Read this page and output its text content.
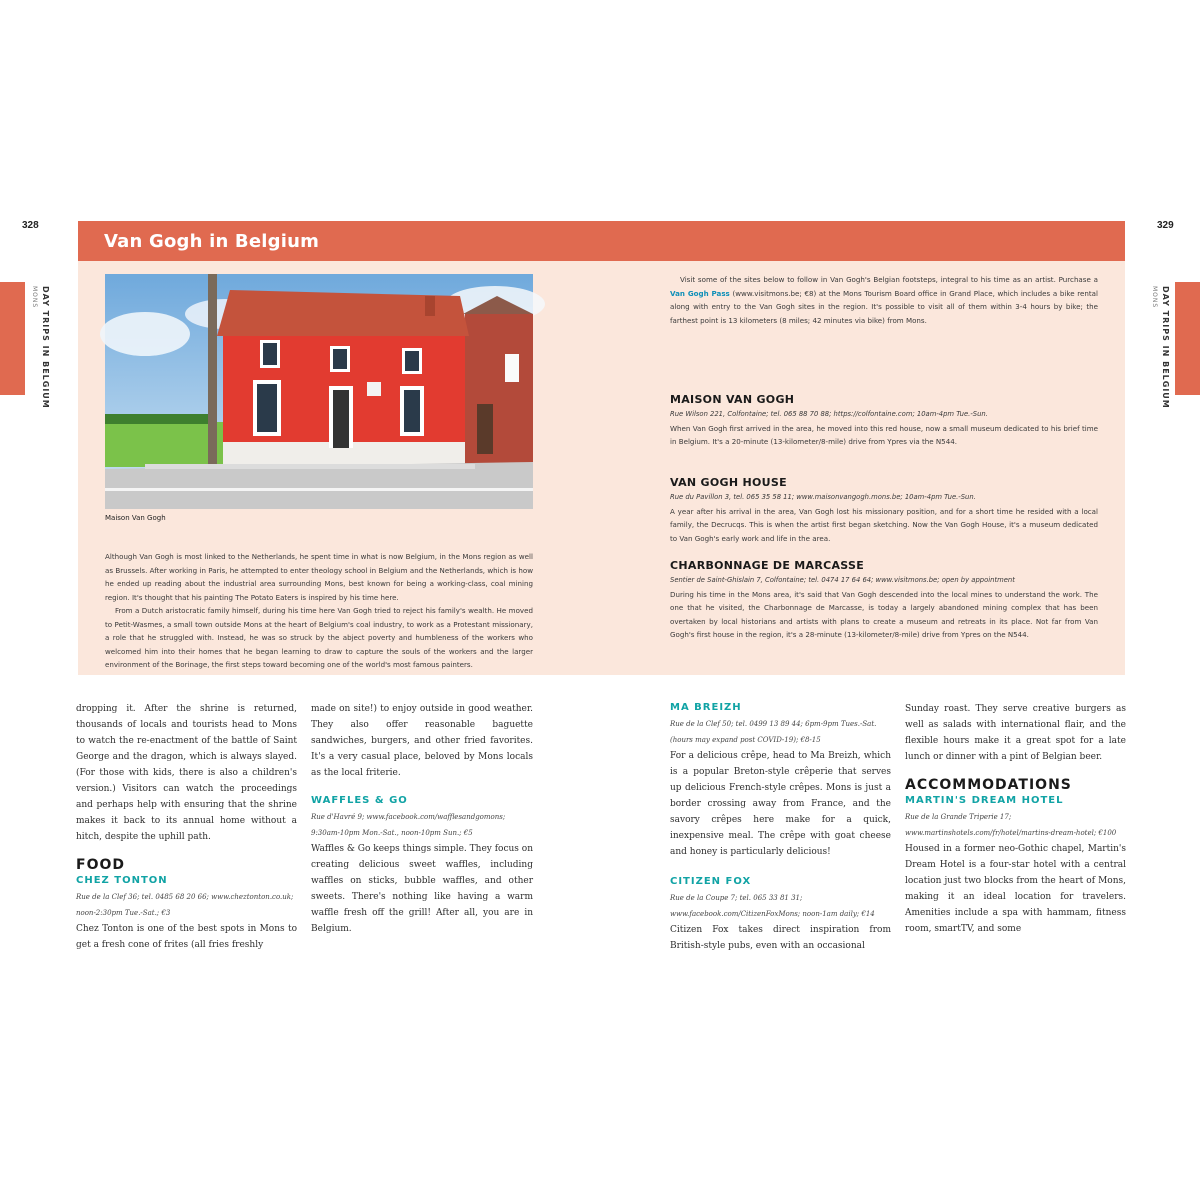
328	329
DAY TRIPS IN BELGIUM
MONS	DAY TRIPS IN BELGIUM
MONS
Van Gogh in Belgium
Maison Van Gogh

Although Van Gogh is most linked to the Netherlands, he spent time in what is now Belgium, in the Mons region as well as Brussels. After working in Paris, he attempted to enter theology school in Belgium and the Netherlands, which is how he ended up reading about the industrial area surrounding Mons, best known for being a working-class, coal mining region. It's thought that his painting The Potato Eaters is inspired by his time here.

From a Dutch aristocratic family himself, during his time here Van Gogh tried to reject his family's wealth. He moved to Petit-Wasmes, a small town outside Mons at the heart of Belgium's coal industry, to work as a Protestant missionary, a role that he struggled with. Instead, he was so struck by the abject poverty and humbleness of the workers who welcomed him into their homes that he began learning to draw to capture the souls of the workers and the larger environment of the Borinage, the first steps toward becoming one of the world's most famous painters.

Visit some of the sites below to follow in Van Gogh's Belgian footsteps, integral to his time as an artist. Purchase a Van Gogh Pass (www.visitmons.be; €8) at the Mons Tourism Board office in Grand Place, which includes a bike rental along with entry to the Van Gogh sites in the region. It's possible to visit all of them within 3-4 hours by bike; the farthest point is 13 kilometers (8 miles; 42 minutes via bike) from Mons.

MAISON VAN GOGH
Rue Wilson 221, Colfontaine; tel. 065 88 70 88; https://colfontaine.com; 10am-4pm Tue.-Sun.
When Van Gogh first arrived in the area, he moved into this red house, now a small museum dedicated to his brief time in Belgium. It's a 20-minute (13-kilometer/8-mile) drive from Ypres via the N544.
VAN GOGH HOUSE
Rue du Pavillon 3, tel. 065 35 58 11; www.maisonvangogh.mons.be; 10am-4pm Tue.-Sun.
A year after his arrival in the area, Van Gogh lost his missionary position, and for a short time he resided with a local family, the Decrucqs. This is when the artist first began sketching. Now the Van Gogh House, it's a museum dedicated to Van Gogh's early work and life in the area.
CHARBONNAGE DE MARCASSE
Sentier de Saint-Ghislain 7, Colfontaine; tel. 0474 17 64 64; www.visitmons.be; open by appointment
During his time in the Mons area, it's said that Van Gogh descended into the local mines to understand the work. The one that he visited, the Charbonnage de Marcasse, is today a largely abandoned mining complex that has been overtaken by local historians and artists with plans to create a museum and retreats in its place. Not far from Van Gogh's first house in the region, it's a 28-minute (13-kilometer/8-mile) drive from Ypres on the N544.

dropping it. After the shrine is returned, thousands of locals and tourists head to Mons to watch the re-enactment of the battle of Saint George and the dragon, which is always slayed. (For those with kids, there is also a children's version.) Visitors can watch the proceedings and perhaps help with ensuring that the shrine makes it back to its annual home without a hitch, despite the uphill path.

FOOD
CHEZ TONTON
Rue de la Clef 36; tel. 0485 68 20 66; www.cheztonton.co.uk; noon-2:30pm Tue.-Sat.; €3

Chez Tonton is one of the best spots in Mons to get a fresh cone of frites (all fries freshly

made on site!) to enjoy outside in good weather. They also offer reasonable baguette sandwiches, burgers, and other fried favorites. It's a very casual place, beloved by Mons locals as the local friterie.

WAFFLES & GO
Rue d'Havré 9; www.facebook.com/wafflesandgomons; 9:30am-10pm Mon.-Sat., noon-10pm Sun.; €5

Waffles & Go keeps things simple. They focus on creating delicious sweet waffles, including waffles on sticks, bubble waffles, and other sweets. There's nothing like having a warm waffle fresh off the grill! After all, you are in Belgium.

MA BREIZH
Rue de la Clef 50; tel. 0499 13 89 44; 6pm-9pm Tues.-Sat. (hours may expand post COVID-19); €8-15

For a delicious crêpe, head to Ma Breizh, which is a popular Breton-style crêperie that serves up delicious French-style crêpes. Mons is just a border crossing away from France, and the savory crêpes here make for a quick, inexpensive meal. The crêpe with goat cheese and honey is particularly delicious!

CITIZEN FOX
Rue de la Coupe 7; tel. 065 33 81 31; www.facebook.com/CitizenFoxMons; noon-1am daily; €14

Citizen Fox takes direct inspiration from British-style pubs, even with an occasional

Sunday roast. They serve creative burgers as well as salads with international flair, and the flexible hours make it a great spot for a late lunch or dinner with a pint of Belgian beer.

ACCOMMODATIONS
MARTIN'S DREAM HOTEL
Rue de la Grande Triperie 17; www.martinshotels.com/fr/hotel/martins-dream-hotel; €100

Housed in a former neo-Gothic chapel, Martin's Dream Hotel is a four-star hotel with a central location just two blocks from the heart of Mons, making it an ideal location for travelers. Amenities include a spa with hammam, fitness room, smartTV, and some
